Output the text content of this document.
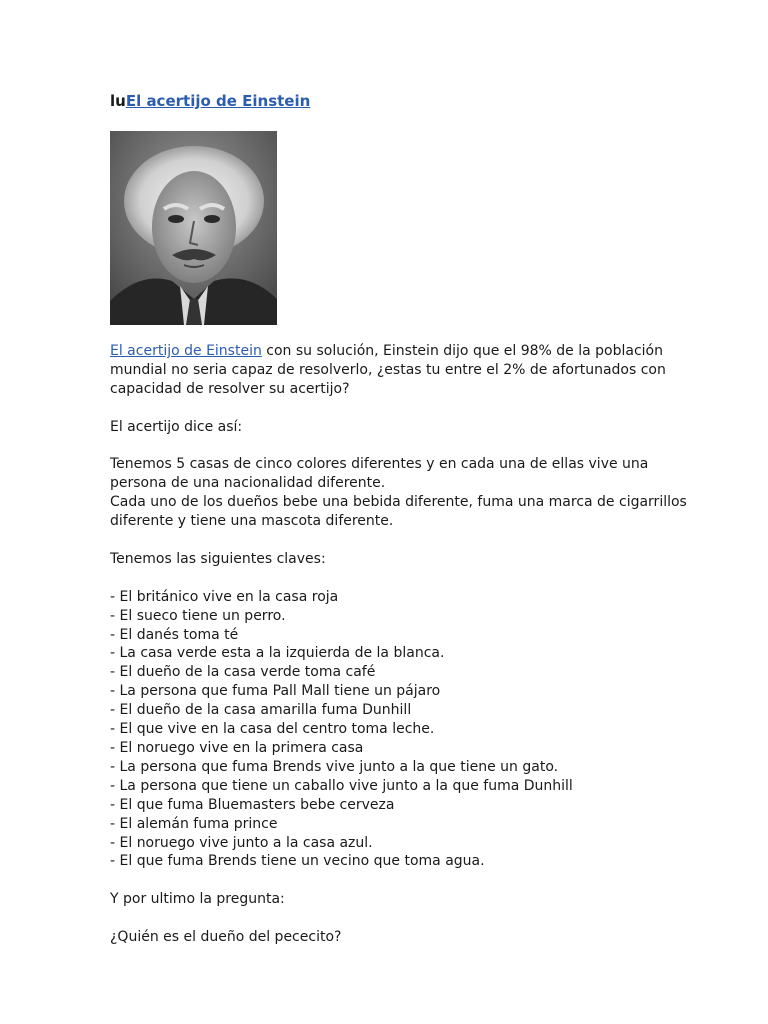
luEl acertijo de Einstein

El acertijo de Einstein con su solución, Einstein dijo que el 98% de la población mundial no seria capaz de resolverlo, ¿estas tu entre el 2% de afortunados con capacidad de resolver su acertijo?

El acertijo dice así:

Tenemos 5 casas de cinco colores diferentes y en cada una de ellas vive una persona de una nacionalidad diferente.

Cada uno de los dueños bebe una bebida diferente, fuma una marca de cigarrillos diferente y tiene una mascota diferente.

Tenemos las siguientes claves:

- El británico vive en la casa roja
- El sueco tiene un perro.
- El danés toma té
- La casa verde esta a la izquierda de la blanca.
- El dueño de la casa verde toma café
- La persona que fuma Pall Mall tiene un pájaro
- El dueño de la casa amarilla fuma Dunhill
- El que vive en la casa del centro toma leche.
- El noruego vive en la primera casa
- La persona que fuma Brends vive junto a la que tiene un gato.
- La persona que tiene un caballo vive junto a la que fuma Dunhill
- El que fuma Bluemasters bebe cerveza
- El alemán fuma prince
- El noruego vive junto a la casa azul.
- El que fuma Brends tiene un vecino que toma agua.

Y por ultimo la pregunta:

¿Quién es el dueño del pececito?
